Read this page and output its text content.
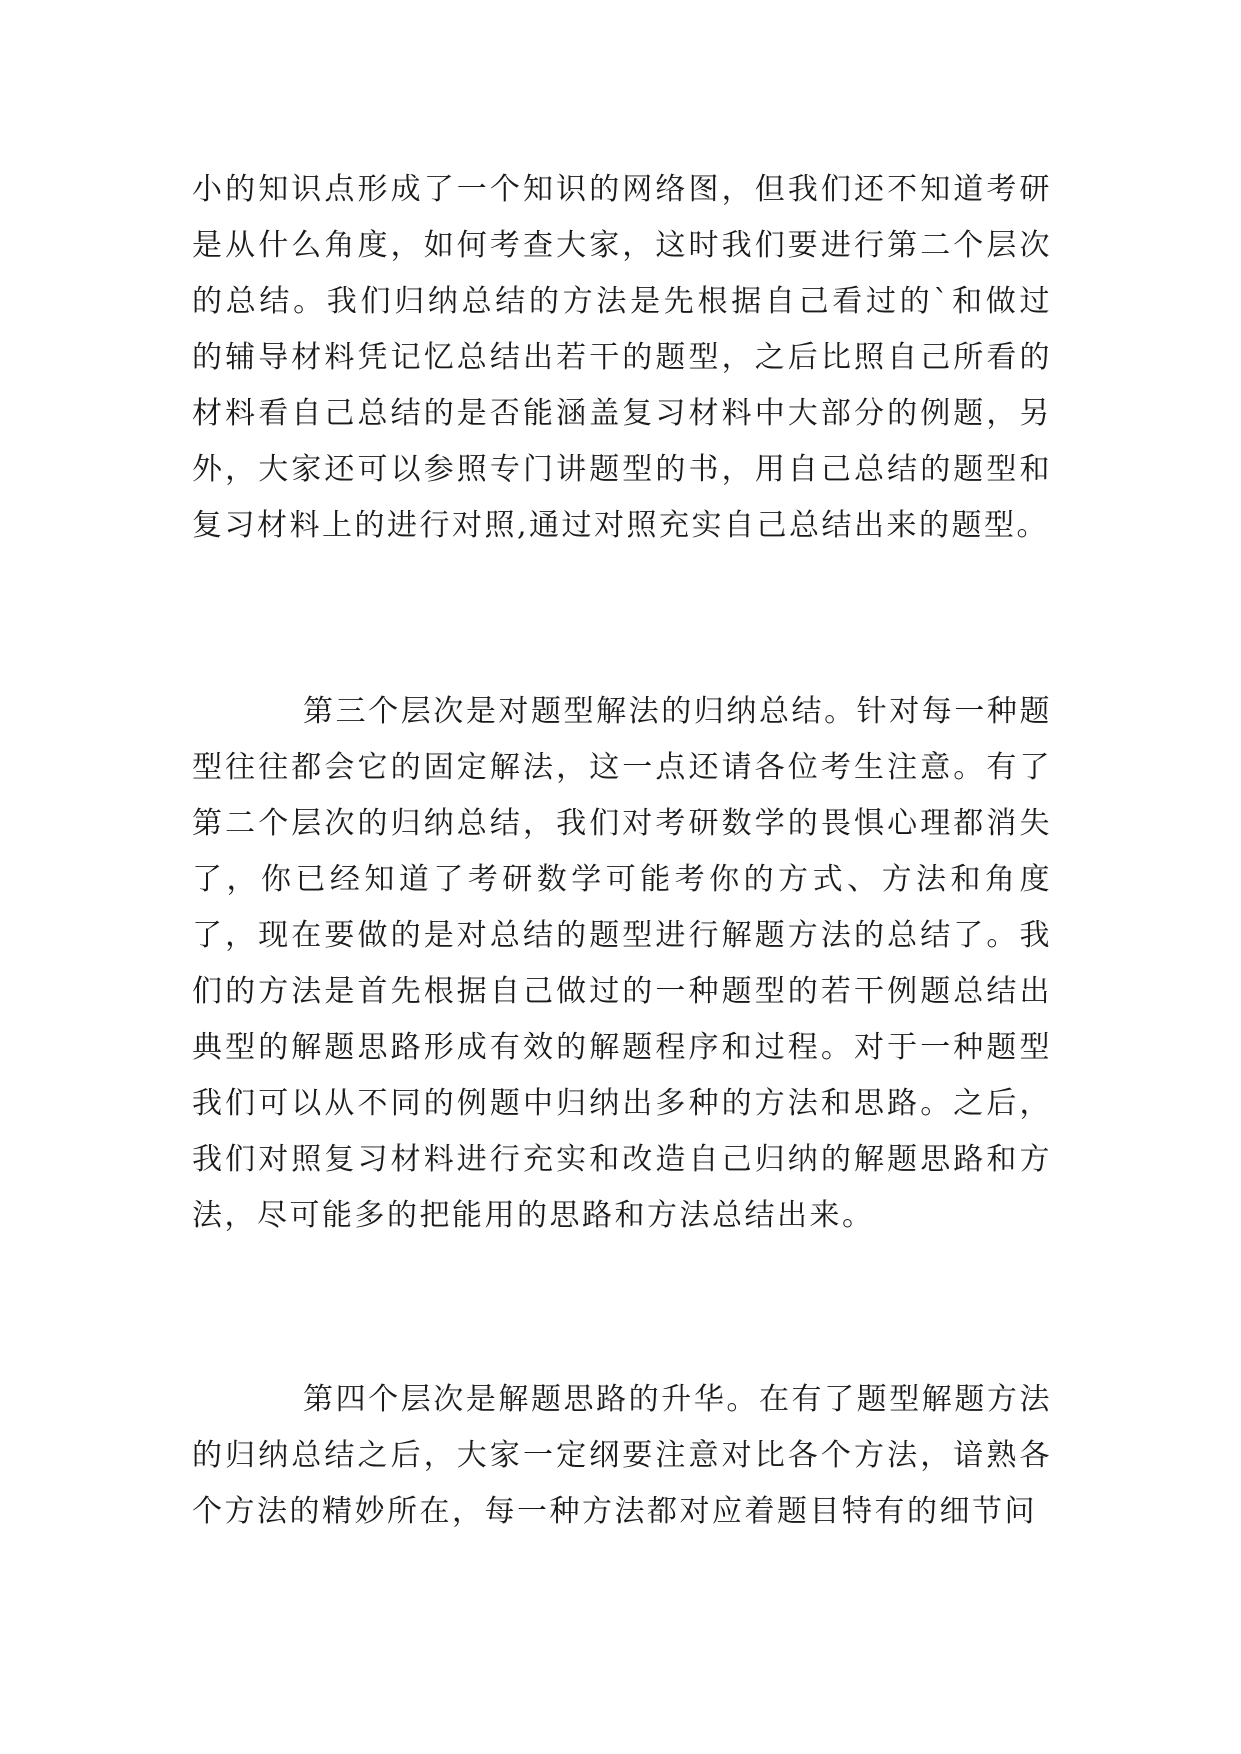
小的知识点形成了一个知识的网络图，但我们还不知道考研是从什么角度，如何考查大家，这时我们要进行第二个层次的总结。我们归纳总结的方法是先根据自己看过的`和做过的辅导材料凭记忆总结出若干的题型，之后比照自己所看的材料看自己总结的是否能涵盖复习材料中大部分的例题，另外，大家还可以参照专门讲题型的书，用自己总结的题型和复习材料上的进行对照,通过对照充实自己总结出来的题型。

第三个层次是对题型解法的归纳总结。针对每一种题型往往都会它的固定解法，这一点还请各位考生注意。有了第二个层次的归纳总结，我们对考研数学的畏惧心理都消失了，你已经知道了考研数学可能考你的方式、方法和角度了，现在要做的是对总结的题型进行解题方法的总结了。我们的方法是首先根据自己做过的一种题型的若干例题总结出典型的解题思路形成有效的解题程序和过程。对于一种题型我们可以从不同的例题中归纳出多种的方法和思路。之后，我们对照复习材料进行充实和改造自己归纳的解题思路和方法，尽可能多的把能用的思路和方法总结出来。

第四个层次是解题思路的升华。在有了题型解题方法的归纳总结之后，大家一定纲要注意对比各个方法，谙熟各个方法的精妙所在，每一种方法都对应着题目特有的细节问
